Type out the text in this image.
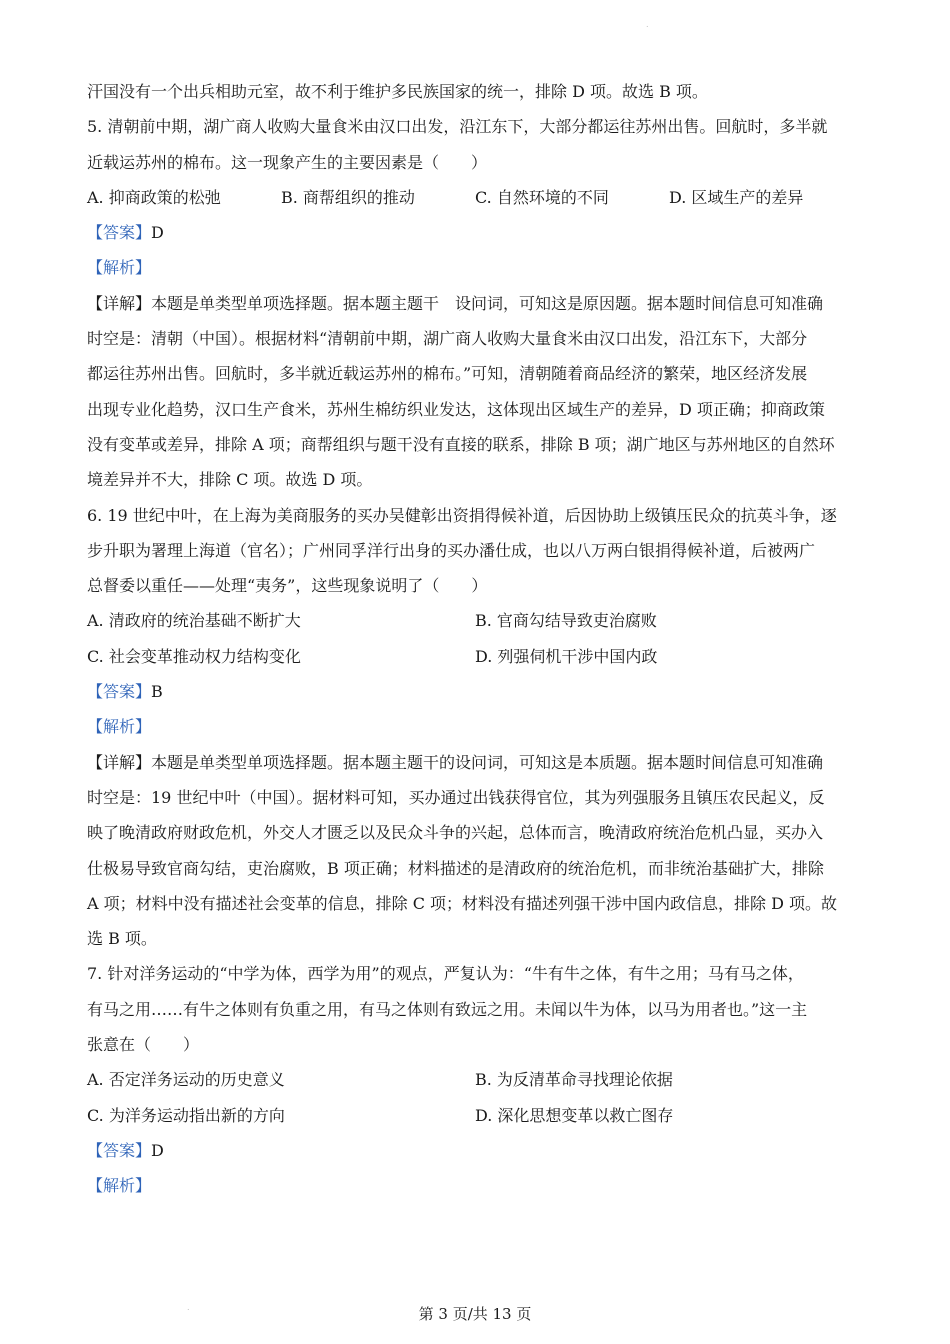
.
.
汗国没有一个出兵相助元室，故不利于维护多民族国家的统一，排除 D 项。故选 B 项。
5. 清朝前中期，湖广商人收购大量食米由汉口出发，沿江东下，大部分都运往苏州出售。回航时，多半就
近载运苏州的棉布。这一现象产生的主要因素是（　　）
A. 抑商政策的松弛	B. 商帮组织的推动	C. 自然环境的不同	D. 区域生产的差异
【答案】D
【解析】
【详解】本题是单类型单项选择题。据本题主题干　设问词，可知这是原因题。据本题时间信息可知准确
时空是：清朝（中国）。根据材料“清朝前中期，湖广商人收购大量食米由汉口出发，沿江东下，大部分
都运往苏州出售。回航时，多半就近载运苏州的棉布。”可知，清朝随着商品经济的繁荣，地区经济发展
出现专业化趋势，汉口生产食米，苏州生棉纺织业发达，这体现出区域生产的差异，D 项正确；抑商政策
没有变革或差异，排除 A 项；商帮组织与题干没有直接的联系，排除 B 项；湖广地区与苏州地区的自然环
境差异并不大，排除 C 项。故选 D 项。
6. 19 世纪中叶，在上海为美商服务的买办吴健彰出资捐得候补道，后因协助上级镇压民众的抗英斗争，逐
步升职为署理上海道（官名）；广州同孚洋行出身的买办潘仕成，也以八万两白银捐得候补道，后被两广
总督委以重任——处理“夷务”，这些现象说明了（　　）
A. 清政府的统治基础不断扩大	B. 官商勾结导致吏治腐败
C. 社会变革推动权力结构变化	D. 列强伺机干涉中国内政
【答案】B
【解析】
【详解】本题是单类型单项选择题。据本题主题干的设问词，可知这是本质题。据本题时间信息可知准确
时空是：19 世纪中叶（中国）。据材料可知，买办通过出钱获得官位，其为列强服务且镇压农民起义，反
映了晚清政府财政危机，外交人才匮乏以及民众斗争的兴起，总体而言，晚清政府统治危机凸显，买办入
仕极易导致官商勾结，吏治腐败，B 项正确；材料描述的是清政府的统治危机，而非统治基础扩大，排除
A 项；材料中没有描述社会变革的信息，排除 C 项；材料没有描述列强干涉中国内政信息，排除 D 项。故
选 B 项。
7. 针对洋务运动的“中学为体，西学为用”的观点，严复认为：“牛有牛之体，有牛之用；马有马之体，
有马之用……有牛之体则有负重之用，有马之体则有致远之用。未闻以牛为体，以马为用者也。”这一主
张意在（　　）
A. 否定洋务运动的历史意义	B. 为反清革命寻找理论依据
C. 为洋务运动指出新的方向	D. 深化思想变革以救亡图存
【答案】D
【解析】
第 3 页/共 13 页
